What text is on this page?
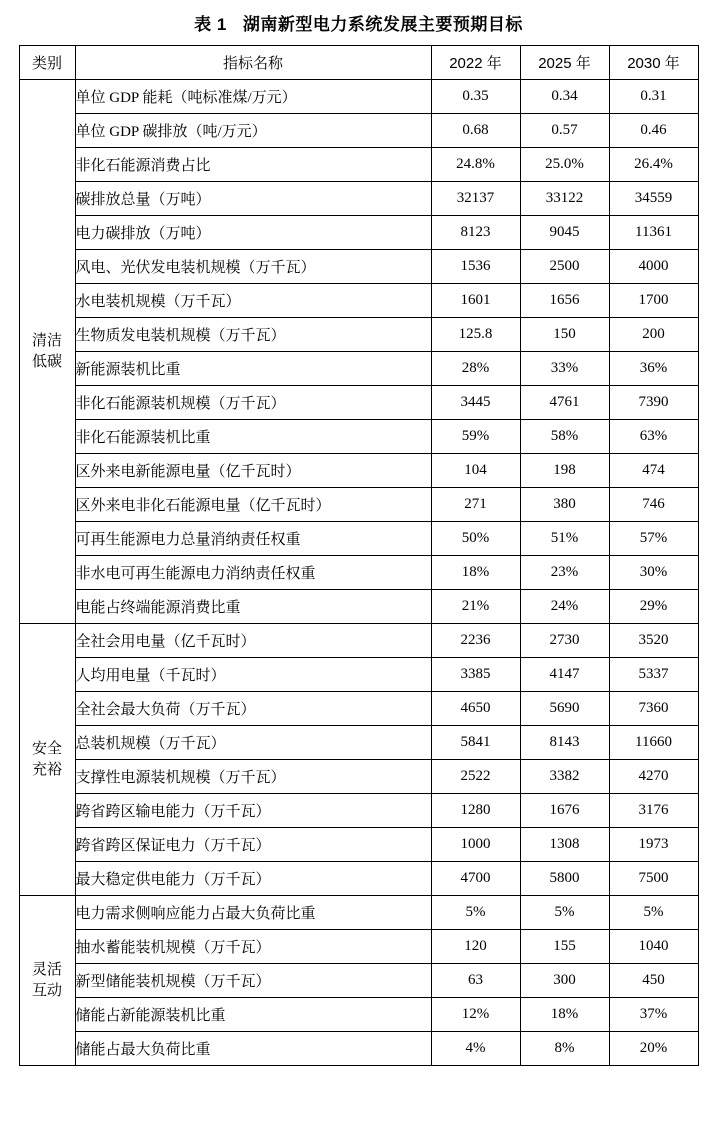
表 1 湖南新型电力系统发展主要预期目标
类别	指标名称	2022 年	2025 年	2030 年
清洁
低碳	单位 GDP 能耗（吨标准煤/万元）	0.35	0.34	0.31
	单位 GDP 碳排放（吨/万元）	0.68	0.57	0.46
	非化石能源消费占比	24.8%	25.0%	26.4%
	碳排放总量（万吨）	32137	33122	34559
	电力碳排放（万吨）	8123	9045	11361
	风电、光伏发电装机规模（万千瓦）	1536	2500	4000
	水电装机规模（万千瓦）	1601	1656	1700
	生物质发电装机规模（万千瓦）	125.8	150	200
	新能源装机比重	28%	33%	36%
	非化石能源装机规模（万千瓦）	3445	4761	7390
	非化石能源装机比重	59%	58%	63%
	区外来电新能源电量（亿千瓦时）	104	198	474
	区外来电非化石能源电量（亿千瓦时）	271	380	746
	可再生能源电力总量消纳责任权重	50%	51%	57%
	非水电可再生能源电力消纳责任权重	18%	23%	30%
	电能占终端能源消费比重	21%	24%	29%
安全
充裕	全社会用电量（亿千瓦时）	2236	2730	3520
	人均用电量（千瓦时）	3385	4147	5337
	全社会最大负荷（万千瓦）	4650	5690	7360
	总装机规模（万千瓦）	5841	8143	11660
	支撑性电源装机规模（万千瓦）	2522	3382	4270
	跨省跨区输电能力（万千瓦）	1280	1676	3176
	跨省跨区保证电力（万千瓦）	1000	1308	1973
	最大稳定供电能力（万千瓦）	4700	5800	7500
灵活
互动	电力需求侧响应能力占最大负荷比重	5%	5%	5%
	抽水蓄能装机规模（万千瓦）	120	155	1040
	新型储能装机规模（万千瓦）	63	300	450
	储能占新能源装机比重	12%	18%	37%
	储能占最大负荷比重	4%	8%	20%
